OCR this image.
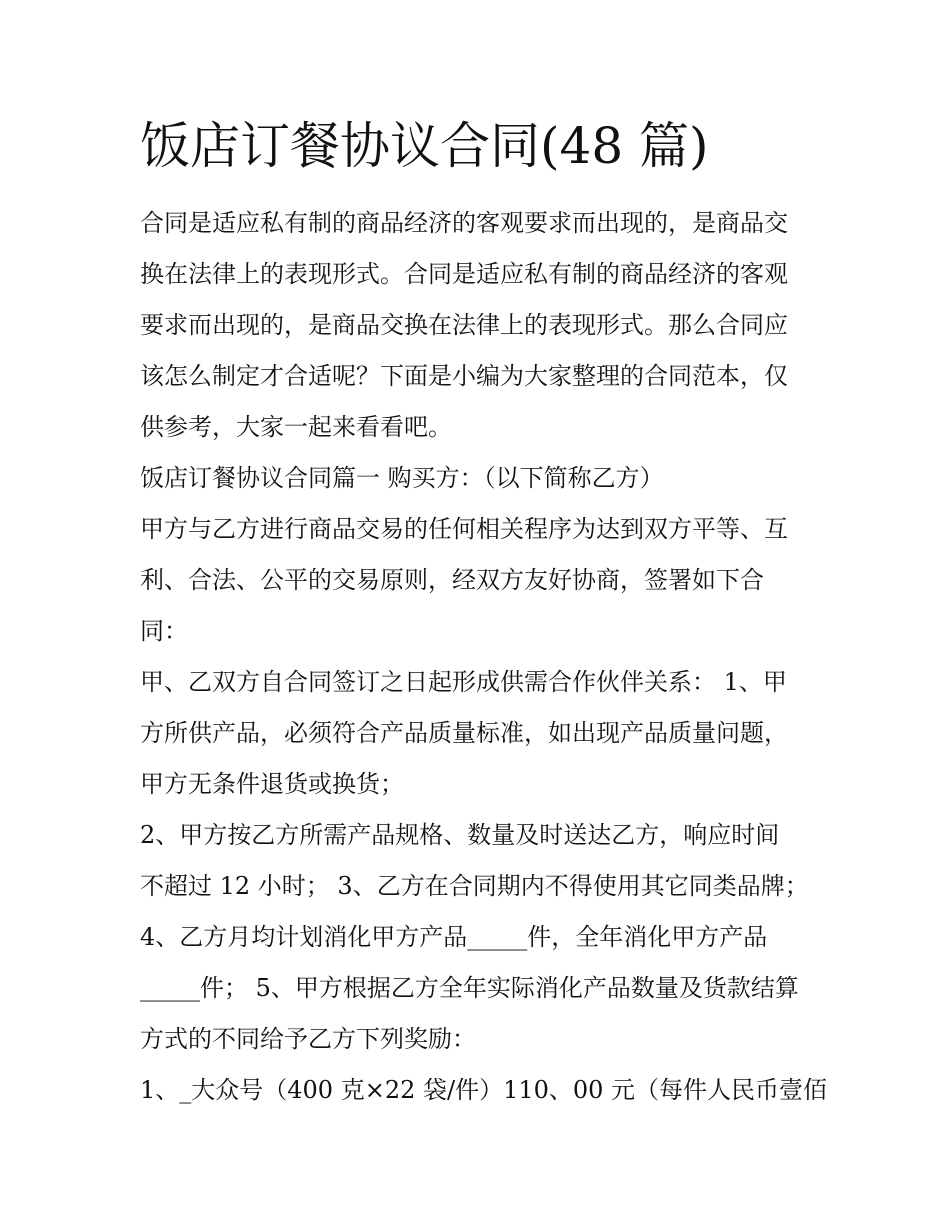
饭店订餐协议合同(48 篇)

合同是适应私有制的商品经济的客观要求而出现的，是商品交

换在法律上的表现形式。合同是适应私有制的商品经济的客观

要求而出现的，是商品交换在法律上的表现形式。那么合同应

该怎么制定才合适呢？下面是小编为大家整理的合同范本，仅

供参考，大家一起来看看吧。

饭店订餐协议合同篇一 购买方：（以下简称乙方）

甲方与乙方进行商品交易的任何相关程序为达到双方平等、互

利、合法、公平的交易原则，经双方友好协商，签署如下合

同：

甲、乙双方自合同签订之日起形成供需合作伙伴关系： 1、甲

方所供产品，必须符合产品质量标准，如出现产品质量问题，

甲方无条件退货或换货；

2、甲方按乙方所需产品规格、数量及时送达乙方，响应时间

不超过 12 小时； 3、乙方在合同期内不得使用其它同类品牌；

4、乙方月均计划消化甲方产品_____件，全年消化甲方产品

_____件； 5、甲方根据乙方全年实际消化产品数量及货款结算

方式的不同给予乙方下列奖励：

1、_大众号（400 克×22 袋/件）110、00 元（每件人民币壹佰
